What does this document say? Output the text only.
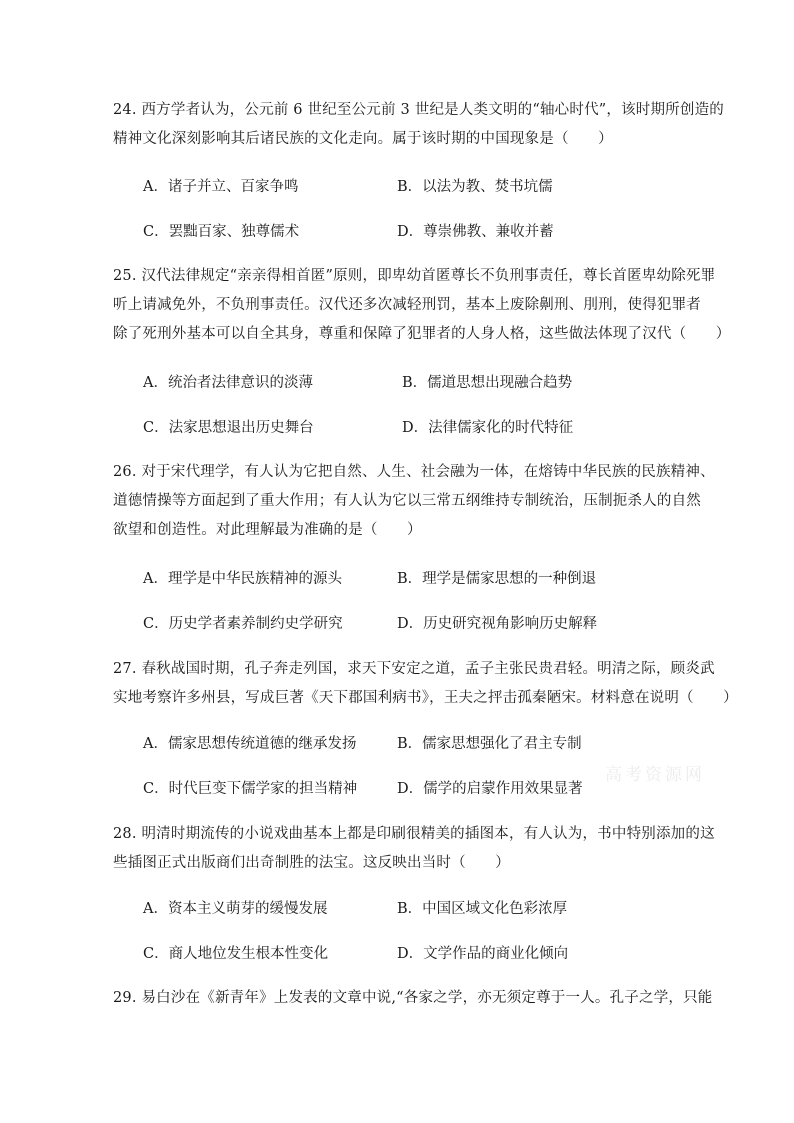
24. 西方学者认为，公元前 6 世纪至公元前 3 世纪是人类文明的“轴心时代”，该时期所创造的
精神文化深刻影响其后诸民族的文化走向。属于该时期的中国现象是（　　）
A．诸子并立、百家争鸣	B．以法为教、焚书坑儒
C．罢黜百家、独尊儒术	D．尊崇佛教、兼收并蓄
25. 汉代法律规定“亲亲得相首匿”原则，即卑幼首匿尊长不负刑事责任，尊长首匿卑幼除死罪
听上请减免外，不负刑事责任。汉代还多次减轻刑罚，基本上废除劓刑、刖刑，使得犯罪者
除了死刑外基本可以自全其身，尊重和保障了犯罪者的人身人格，这些做法体现了汉代（　　）
A．统治者法律意识的淡薄	B．儒道思想出现融合趋势
C．法家思想退出历史舞台	D．法律儒家化的时代特征
26. 对于宋代理学，有人认为它把自然、人生、社会融为一体，在熔铸中华民族的民族精神、
道德情操等方面起到了重大作用；有人认为它以三常五纲维持专制统治，压制扼杀人的自然
欲望和创造性。对此理解最为准确的是（　　）
A．理学是中华民族精神的源头	B．理学是儒家思想的一种倒退
C．历史学者素养制约史学研究	D．历史研究视角影响历史解释
27. 春秋战国时期，孔子奔走列国，求天下安定之道，孟子主张民贵君轻。明清之际，顾炎武
实地考察许多州县，写成巨著《天下郡国利病书》，王夫之抨击孤秦陋宋。材料意在说明（　　）
A．儒家思想传统道德的继承发扬	B．儒家思想强化了君主专制
C．时代巨变下儒学家的担当精神	D．儒学的启蒙作用效果显著
28. 明清时期流传的小说戏曲基本上都是印刷很精美的插图本，有人认为，书中特别添加的这
些插图正式出版商们出奇制胜的法宝。这反映出当时（　　）
A．资本主义萌芽的缓慢发展	B．中国区域文化色彩浓厚
C．商人地位发生根本性变化	D．文学作品的商业化倾向
29. 易白沙在《新青年》上发表的文章中说,“各家之学，亦无须定尊于一人。孔子之学，只能
高考资源网
